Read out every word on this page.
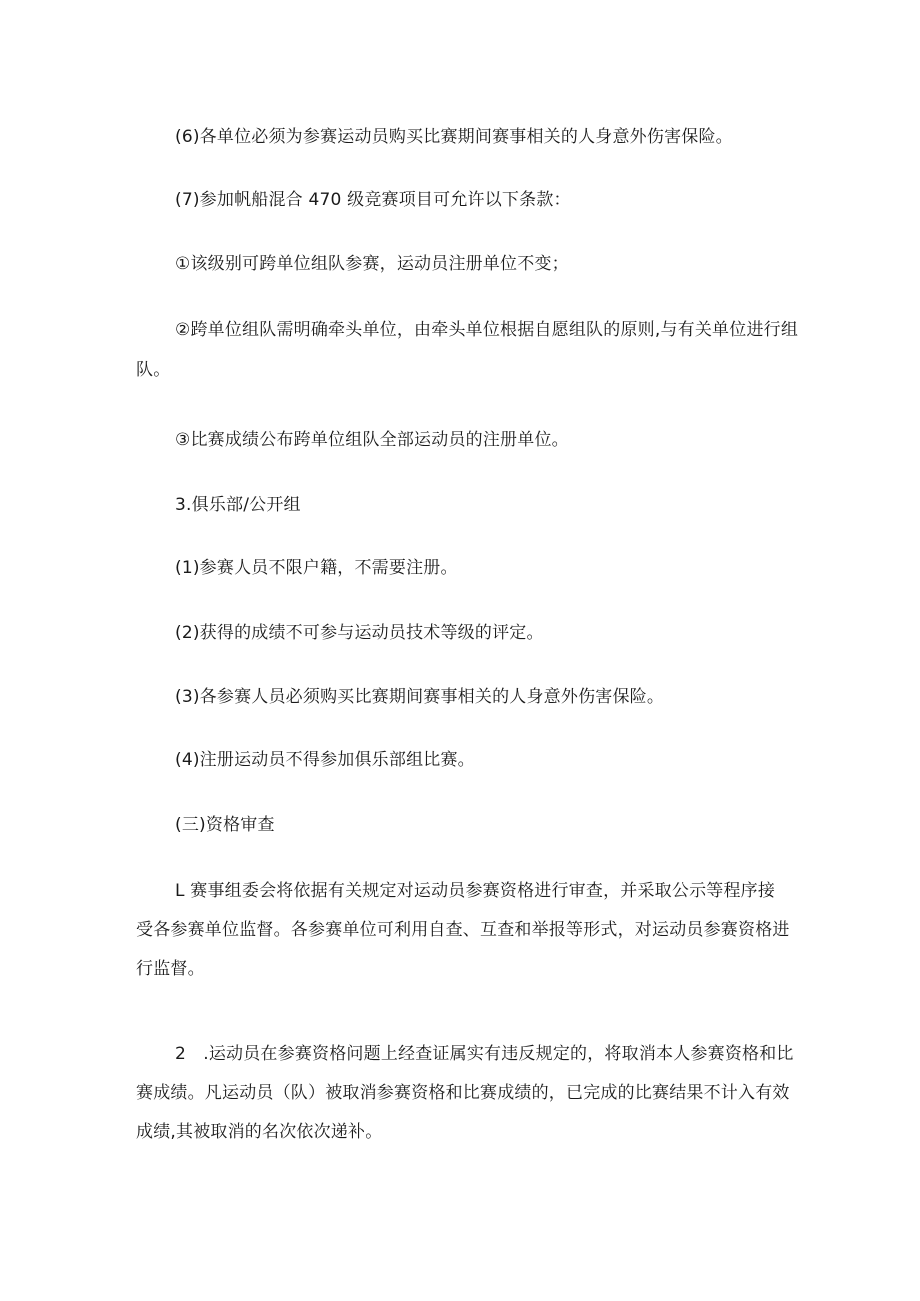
(6)各单位必须为参赛运动员购买比赛期间赛事相关的人身意外伤害保险。

(7)参加帆船混合 470 级竞赛项目可允许以下条款：

①该级别可跨单位组队参赛，运动员注册单位不变；

②跨单位组队需明确牵头单位，由牵头单位根据自愿组队的原则,与有关单位进行组
队。

③比赛成绩公布跨单位组队全部运动员的注册单位。

3.俱乐部/公开组

(1)参赛人员不限户籍，不需要注册。

(2)获得的成绩不可参与运动员技术等级的评定。

(3)各参赛人员必须购买比赛期间赛事相关的人身意外伤害保险。

(4)注册运动员不得参加俱乐部组比赛。

(三)资格审查

L 赛事组委会将依据有关规定对运动员参赛资格进行审查，并采取公示等程序接
受各参赛单位监督。各参赛单位可利用自查、互查和举报等形式，对运动员参赛资格进
行监督。

2　.运动员在参赛资格问题上经查证属实有违反规定的，将取消本人参赛资格和比
赛成绩。凡运动员（队）被取消参赛资格和比赛成绩的，已完成的比赛结果不计入有效
成绩,其被取消的名次依次递补。
